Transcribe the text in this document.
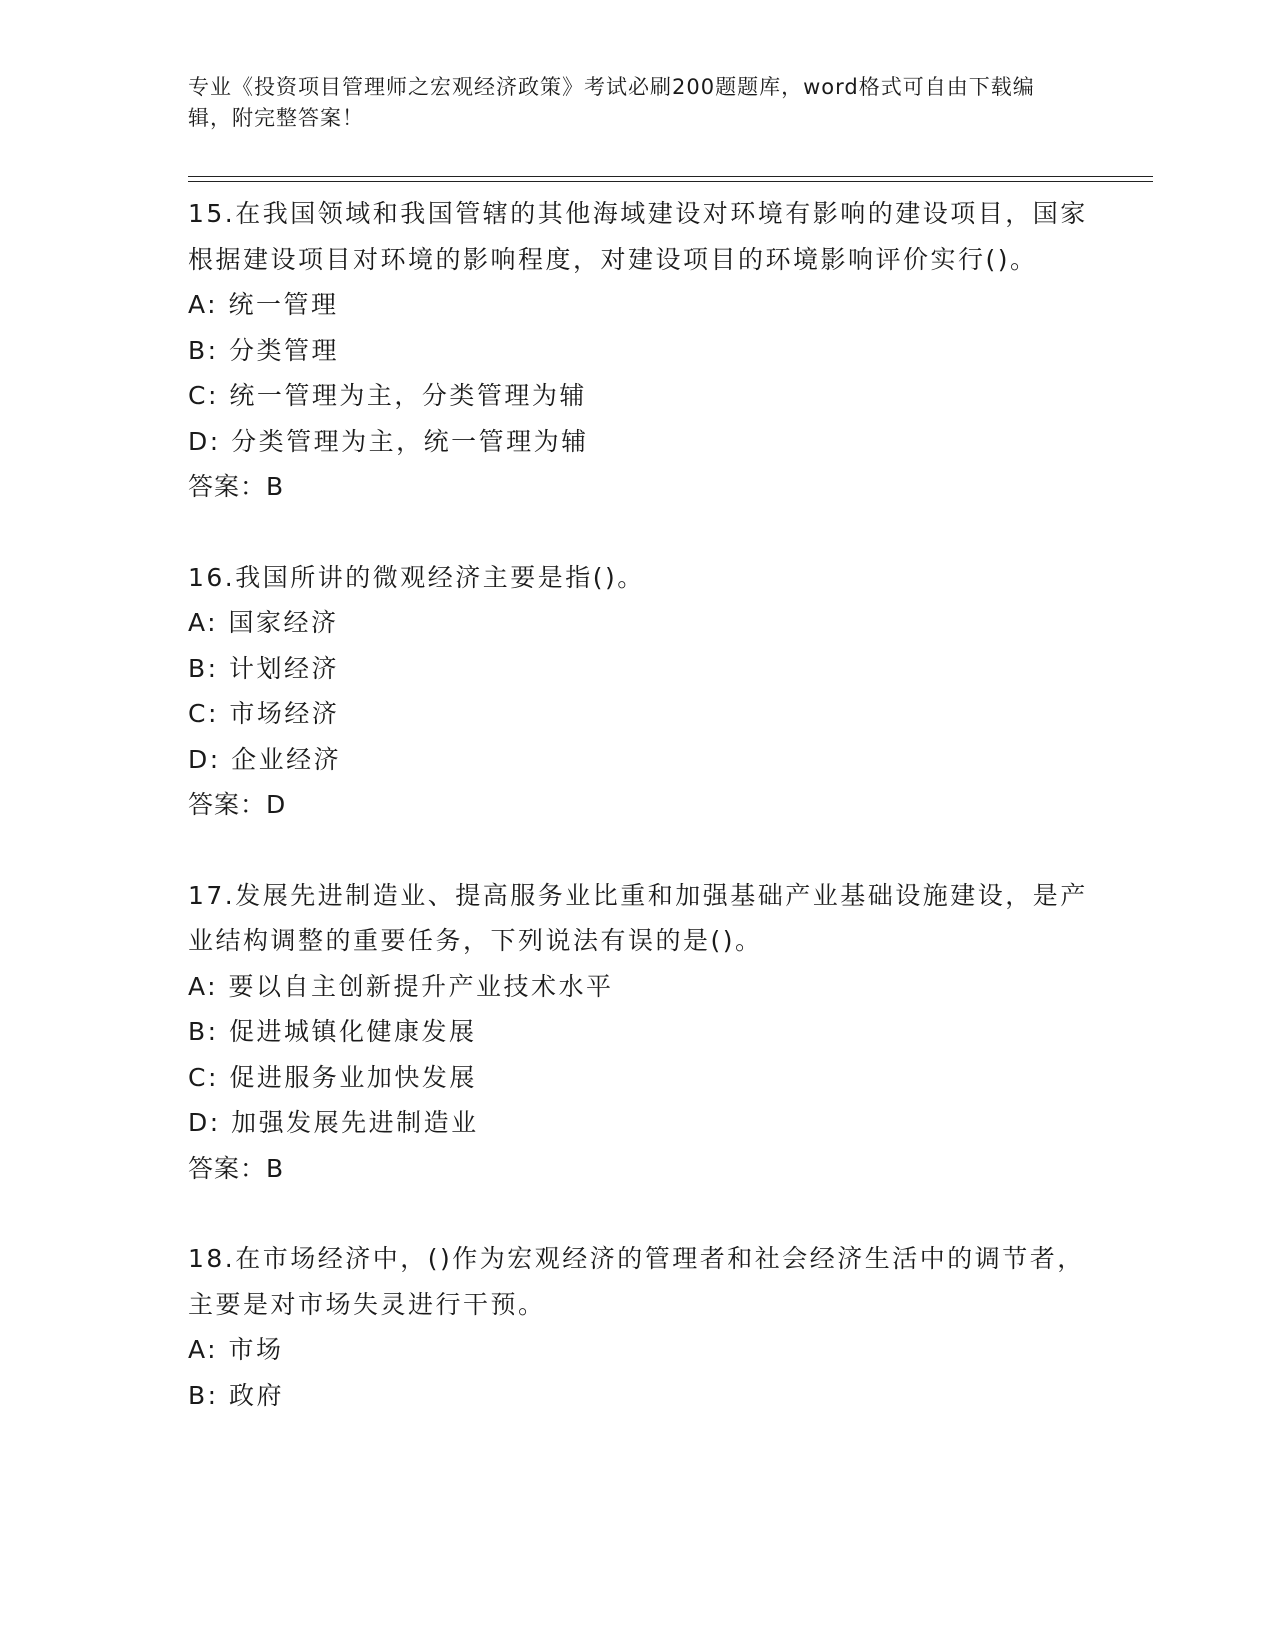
专业《投资项目管理师之宏观经济政策》考试必刷200题题库，word格式可自由下载编辑，附完整答案！

15.在我国领域和我国管辖的其他海域建设对环境有影响的建设项目，国家根据建设项目对环境的影响程度，对建设项目的环境影响评价实行()。

A: 统一管理

B: 分类管理

C: 统一管理为主，分类管理为辅

D: 分类管理为主，统一管理为辅

答案：B

16.我国所讲的微观经济主要是指()。

A: 国家经济

B: 计划经济

C: 市场经济

D: 企业经济

答案：D

17.发展先进制造业、提高服务业比重和加强基础产业基础设施建设，是产业结构调整的重要任务，下列说法有误的是()。

A: 要以自主创新提升产业技术水平

B: 促进城镇化健康发展

C: 促进服务业加快发展

D: 加强发展先进制造业

答案：B

18.在市场经济中，()作为宏观经济的管理者和社会经济生活中的调节者，主要是对市场失灵进行干预。

A: 市场

B: 政府
